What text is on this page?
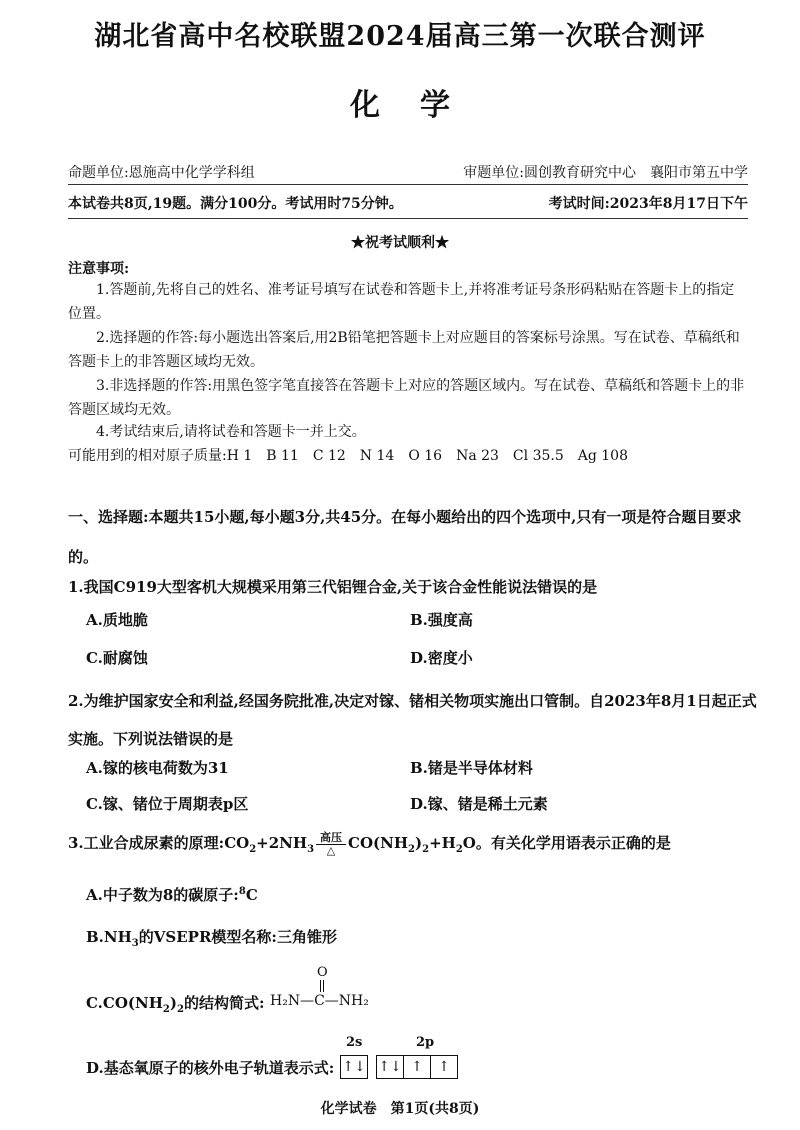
湖北省高中名校联盟2024届高三第一次联合测评
化学
命题单位:恩施高中化学学科组	审题单位:圆创教育研究中心　襄阳市第五中学
本试卷共8页,19题。满分100分。考试用时75分钟。	考试时间:2023年8月17日下午
★祝考试顺利★
注意事项:
1.答题前,先将自己的姓名、准考证号填写在试卷和答题卡上,并将准考证号条形码粘贴在答题卡上的指定位置。
2.选择题的作答:每小题选出答案后,用2B铅笔把答题卡上对应题目的答案标号涂黑。写在试卷、草稿纸和答题卡上的非答题区域均无效。
3.非选择题的作答:用黑色签字笔直接答在答题卡上对应的答题区域内。写在试卷、草稿纸和答题卡上的非答题区域均无效。
4.考试结束后,请将试卷和答题卡一并上交。
可能用到的相对原子质量:H 1　B 11　C 12　N 14　O 16　Na 23　Cl 35.5　Ag 108
一、选择题:本题共15小题,每小题3分,共45分。在每小题给出的四个选项中,只有一项是符合题目要求的。
1.我国C919大型客机大规模采用第三代铝锂合金,关于该合金性能说法错误的是
A.质地脆	B.强度高
C.耐腐蚀	D.密度小
2.为维护国家安全和利益,经国务院批准,决定对镓、锗相关物项实施出口管制。自2023年8月1日起正式实施。下列说法错误的是
A.镓的核电荷数为31	B.锗是半导体材料
C.镓、锗位于周期表p区	D.镓、锗是稀土元素
3.工业合成尿素的原理$:CO_2+2NH_3$高压
△ $CO(NH_2)_2+H_2O$。有关化学用语表示正确的是
A.中子数为8的碳原子:$^8$C
$B.NH_3$的VSEPR模型名称:三角锥形
$C.CO(NH_2)_2$的结构简式:
O
H₂N—C—NH₂
D.基态氧原子的核外电子轨道表示式:
2s	2p
↑↓ ↑↓ ↑	↑
化学试卷　第1页(共8页)
